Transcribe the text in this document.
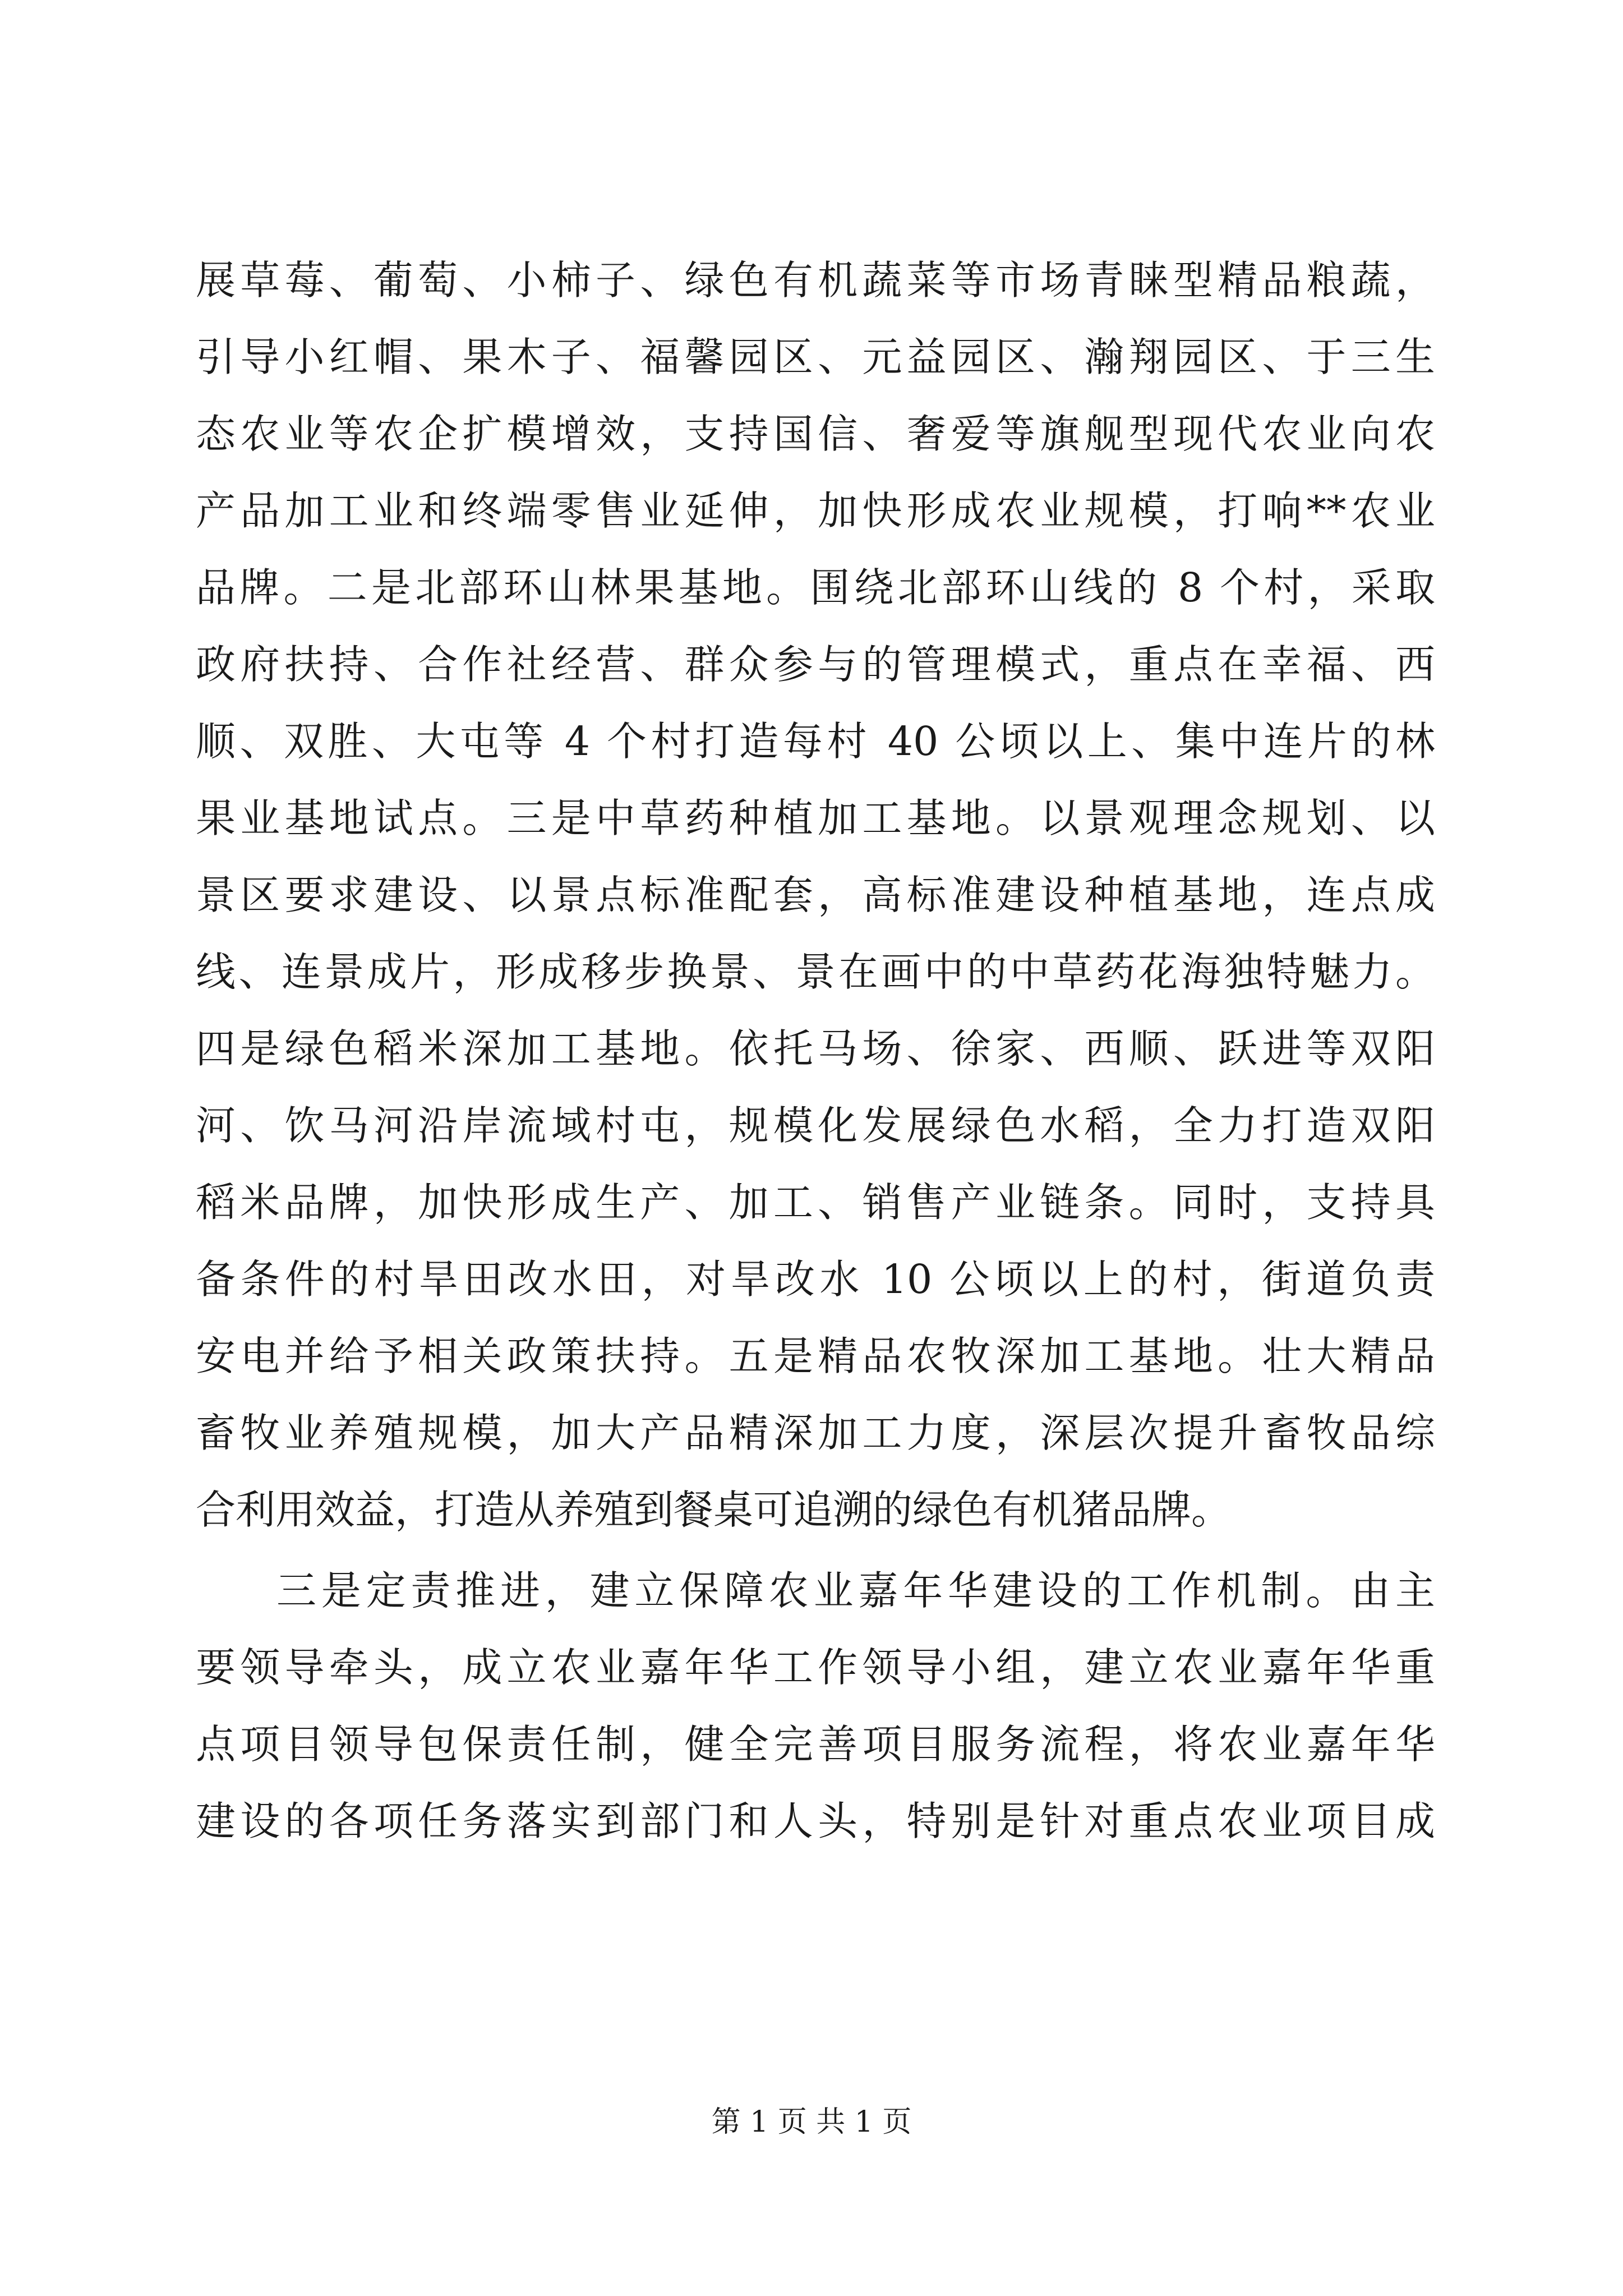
展草莓、葡萄、小柿子、绿色有机蔬菜等市场青睐型精品粮蔬，
引导小红帽、果木子、福馨园区、元益园区、瀚翔园区、于三生
态农业等农企扩模增效，支持国信、奢爱等旗舰型现代农业向农
产品加工业和终端零售业延伸，加快形成农业规模，打响**农业
品牌。二是北部环山林果基地。围绕北部环山线的 8 个村，采取
政府扶持、合作社经营、群众参与的管理模式，重点在幸福、西
顺、双胜、大屯等 4 个村打造每村 40 公顷以上、集中连片的林
果业基地试点。三是中草药种植加工基地。以景观理念规划、以
景区要求建设、以景点标准配套，高标准建设种植基地，连点成
线、连景成片，形成移步换景、景在画中的中草药花海独特魅力。
四是绿色稻米深加工基地。依托马场、徐家、西顺、跃进等双阳
河、饮马河沿岸流域村屯，规模化发展绿色水稻，全力打造双阳
稻米品牌，加快形成生产、加工、销售产业链条。同时，支持具
备条件的村旱田改水田，对旱改水 10 公顷以上的村，街道负责
安电并给予相关政策扶持。五是精品农牧深加工基地。壮大精品
畜牧业养殖规模，加大产品精深加工力度，深层次提升畜牧品综
合利用效益，打造从养殖到餐桌可追溯的绿色有机猪品牌。
三是定责推进，建立保障农业嘉年华建设的工作机制。由主
要领导牵头，成立农业嘉年华工作领导小组，建立农业嘉年华重
点项目领导包保责任制，健全完善项目服务流程，将农业嘉年华
建设的各项任务落实到部门和人头，特别是针对重点农业项目成
第 1 页 共 1 页
